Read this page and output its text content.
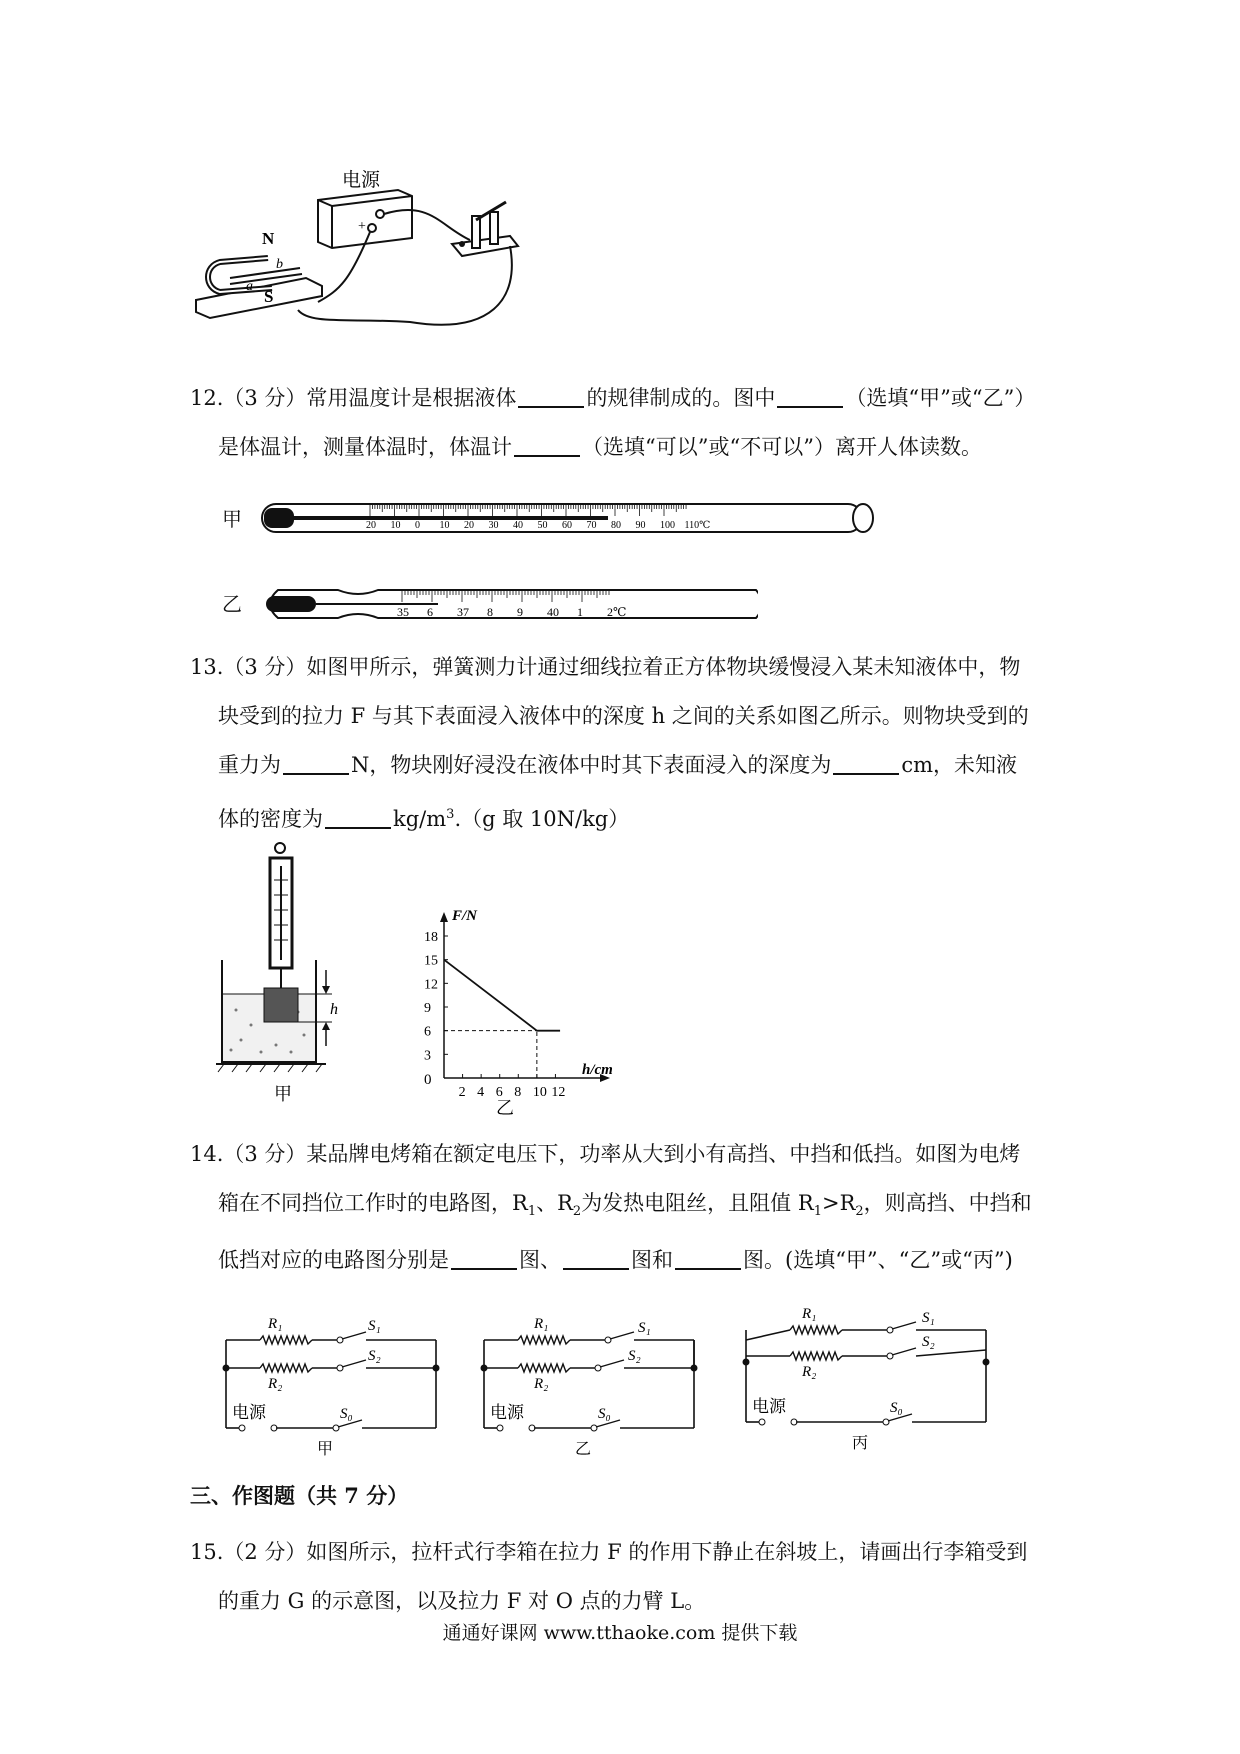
电源
+
N
S
a
b

12.（3 分）常用温度计是根据液体	的规律制成的。图中	（选填“甲”或“乙”）

是体温计，测量体温时，体温计	（选填“可以”或“不可以”）离开人体读数。

甲	20 10 0 10 20 30 40 50 60 70 80 90 100 110℃
乙	35 6 37 8 9 40 1 2℃

13.（3 分）如图甲所示，弹簧测力计通过细线拉着正方体物块缓慢浸入某未知液体中，物

块受到的拉力 F 与其下表面浸入液体中的深度 h 之间的关系如图乙所示。则物块受到的

重力为	N，物块刚好浸没在液体中时其下表面浸入的深度为	cm，未知液

体的密度为	$kg/m^3.(g$ 取 10N/kg）

h
甲	2 4 6 8 10 12
3
6
9
12
15
18
F/N
h/cm
0
乙

14.（3 分）某品牌电烤箱在额定电压下，功率从大到小有高挡、中挡和低挡。如图为电烤

箱在不同挡位工作时的电路图，$R_1$、$R_2$为发热电阻丝，且阻值 $R_1>R_2$，则高挡、中挡和

低挡对应的电路图分别是	图、	图和	图。(选填“甲”、“乙”或“丙”)

R₁	S₁
R₂
S₂
电源	S₀
甲
R₁	S₁
R₂
S₂
电源	S₀
乙
R₁	S₁
R₂
S₂
电源	S₀
丙
三、作图题（共 7 分）

15.（2 分）如图所示，拉杆式行李箱在拉力 F 的作用下静止在斜坡上，请画出行李箱受到

的重力 G 的示意图，以及拉力 F 对 O 点的力臂 L。

通通好课网 www.tthaoke.com 提供下载
